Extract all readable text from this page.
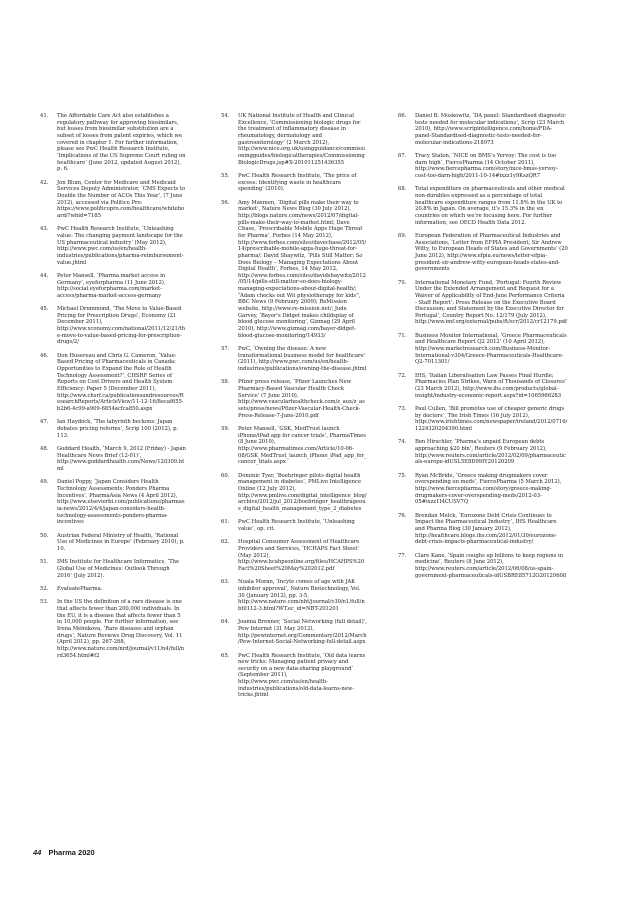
41.	The Affordable Care Act also establishes a regulatory pathway for approving biosimilars, but losses from biosimilar substitution are a subset of losses from patent expiries, which we covered in chapter 1. For further information, please see PwC Health Research Institute, ‘Implications of the US Supreme Court ruling on healthcare’ (June 2012, updated August 2012), p. 6.
42.	Jon Blum, Center for Medicare and Medicaid Services Deputy Administrator, ‘CMS Expects to Double the Number of ACOs This Year’, (7 June 2012), accessed via Politico Pro: https://www.politicopro.com/healthcare/whiteboard/?wbid=7185
43.	PwC Health Research Institute, ‘Unleashing value: The changing payment landscape for the US pharmaceutical industry’ (May 2012), http://www.pwc.com/us/en/health-industries/publications/pharma-reimbursement-value.jhtml
44.	Peter Mansell, ‘Pharma market access in Germany’, eyeforpharma (11 June 2012), http://social.eyeforpharma.com/market-access/pharma-market-access-germany
45.	Michael Drummond, ‘The Move to Value-Based Pricing for Prescription Drugs’, Economy (21 December 2011), http://www.xconomy.com/national/2011/12/21/the-move-to-value-based-pricing-for-prescription-drugs/2/
46.	Don Husereau and Chris G. Cameron, ‘Value-Based Pricing of Pharmaceuticals in Canada: Opportunities to Expand the Role of Health Technology Assessment?’, CHSRF Series of Reports on Cost Drivers and Health System Efficiency: Paper 5 (December 2011), http://www.chsrf.ca/publicationsandresources/ResearchReports/ArticleView/11-12-16/8ecaf655-b2b6-4c99-a909-6854acfca850.aspx
47.	Ian Haydock, ‘The labyrinth beckons: Japan debates pricing reforms’, Scrip 100 (2012), p. 113.
48.	Goddard Health, ‘March 9, 2012 (Friday) - Japan Healthcare News Brief (12-01)’, http://www.goddardhealth.com/News/120309.html
49.	Daniel Poppy, ‘Japan Considers Health Technology Assessments; Ponders Pharma Incentives’, PharmaAsia News (4 April 2012), http://www.elsevierbi.com/publications/pharmasia-news/2012/4/4/japan-considers-health-technology-assessments-ponders-pharma-incentives
50.	Austrian Federal Ministry of Health, ‘Rational Use of Medicines in Europe’ (February 2010), p. 10.
51.	IMS Institute for Healthcare Informatics, ‘The Global Use of Medicines: Outlook Through 2016’ (July 2012).
52.	EvaluatePharma.
53.	In the US the definition of a rare disease is one that affects fewer than 200,000 individuals. In the EU, it is a disease that affects fewer than 5 in 10,000 people. For further information, see Irena Melnikova, ‘Rare diseases and orphan drugs’, Nature Reviews Drug Discovery, Vol. 11 (April 2012), pp. 267-268, http://www.nature.com/nrd/journal/v11/n4/full/nrd3654.html#f2
54.	UK National Institute of Health and Clinical Excellence, ‘Commissioning biologic drugs for the treatment of inflammatory disease in rheumatology, dermatology and gastroenterology’ (2 March 2012), http://www.nice.org.uk/usingguidance/commissioningguides/biologicaltherapies/CommissioningBiologicDrugs.jsp#X-201011251436355
55.	PwC Health Research Institute, ‘The price of excess: Identifying waste in healthcare spending’ (2010).
56.	Amy Maxmen, ‘Digital pills make their way to market’, Nature News Blog (30 July 2012), http://blogs.nature.com/news/2012/07/digital-pills-make-their-way-to-market.html; Dave Chase, ‘Prescribable Mobile Apps Huge Threat for Pharma’, Forbes (14 May 2012), http://www.forbes.com/sites/davechase/2012/05/14/prescribable-mobile-apps-huge-threat-for-pharma/; David Shaywitz, ‘Pills Still Matter; So Does Biology – Managing Expectations About Digital Health’, Forbes, 14 May 2012, http://www.forbes.com/sites/davidshaywitz/2012/05/14/pills-still-matter-so-does-biology-managing-expectations-about-digital-health/; “Adam checks out Wii physiotherapy for kids”, BBC News (9 February 2009); ReMission website, http://www.re-mission.net/; Jude Garvey, ‘Bayer’s Didget makes childsplay of blood glucose monitoring’, Gizmag (29 April 2010), http://www.gizmag.com/bayer-didget-blood-glucose-monitoring/14933/
57.	PwC, ‘Owning the disease: A new transformational business model for healthcare’ (2011), http://www.pwc.com/us/en/health-industries/publications/owning-the-disease.jhtml
58.	Pfizer press release, ‘Pfizer Launches New Pharmacy-Based Vascular Health Check Service’ (7 June 2010), http://www.vascularhealthcheck.com/z_aux/z_assets/press/news/Pfizer-Vascular-Health-Check-Press-Release-7-June-2010.pdf
59.	Peter Mansell, ‘GSK, MedTrust launch iPhone/iPad app for cancer trials’, PharmaTimes (8 June 2010), http://www.pharmatimes.com/Article/10-06-08/GSK_MedTrust_launch_iPhone_iPad_app_for_cancer_trials.aspx
60.	Dominic Tyer, ‘Boehringer pilots digital health management in diabetes’, PMLive Intelligence Online (12 July 2012), http://www.pmlive.com/digital_intelligence_blog/archive/2012/jul_2012/boehringer_healthrageous_digital_health_management_type_2_diabetes
61.	PwC Health Research Institute, ‘Unleashing value’, op. cit.
62.	Hospital Consumer Assessment of Healthcare Providers and Services, ‘HCHAPS Fact Sheet’ (May 2012), http://www.hcahpsonline.org/files/HCAHPS%20Fact%20Sheet%20May%202012.pdf
63.	Nuala Moran, ‘Incyte comes of age with JAK inhibitor approval’, Nature Biotechnology, Vol. 30 (January 2012), pp. 3-5, http://www.nature.com/nbt/journal/v30/n1/full/nbt0112-3.html?WT.ec_id=NBT-201201
64.	Joanna Brenner, ‘Social Networking (full detail)’, Pew Internet (31 May 2012), http://pewinternet.org/Commentary/2012/March/Pew-Internet-Social-Networking-full-detail.aspx
65.	PwC Health Research Institute, ‘Old data learns new tricks: Managing patient privacy and security on a new data-sharing playground’ (September 2011), http://www.pwc.com/us/en/health-industries/publications/old-data-learns-new-tricks.jhtml
66.	Daniel B. Moskowitz, ‘DA panel: Standardised diagnostic tests needed for molecular indications’, Scrip (23 March 2010), http://www.scripintelligence.com/home/FDA-panel-Standardised-diagnostic-tests-needed-for-molecular-indications-218973
67.	Tracy Staton, ‘NICE on BMS’s Yervoy: The cost is too darn high’, FiercePharma (14 October 2011), http://www.fiercepharma.com/story/nice-bmss-yervoy-cost-too-darn-high/2011-10-14#ixzz1y9KszQR7
68.	Total expenditure on pharmaceuticals and other medical non-durables expressed as a percentage of total healthcare expenditure ranges from 11.8% in the UK to 20.8% in Japan. On average, it’s 15.3% in the six countries on which we’re focusing here. For further information, see OECD Health Data 2012.
69.	European Federation of Pharmaceutical Industries and Associations, ‘Letter from EFPIA President, Sir Andrew Witty, to European Heads of States and Governments’ (20 June 2012), http://www.efpia.eu/news/letter-efpia-president-sir-andrew-witty-european-heads-states-and-governments
70.	International Monetary Fund, ‘Portugal: Fourth Review Under the Extended Arrangement and Request for a Waiver of Applicability of End-June Performance Criteria - Staff Report’; Press Release on the Executive Board Discussion; and Statement by the Executive Director for Portugal’, Country Report No. 12/179 (July 2012), http://www.imf.org/external/pubs/ft/scr/2012/cr12179.pdf
71.	Business Monitor International, ‘Greece Pharmaceuticals and Healthcare Report Q2 2012’ (10 April 2012), http://www.marketresearch.com/Business-Monitor-International-v304/Greece-Pharmaceuticals-Healthcare-Q2-7011301/
72.	IHS, ‘Italian Liberalisation Law Passes Final Hurdle; Pharmacies Plan Strikes, Warn of Thousands of Closures’ (23 March 2012), http://www.ihs.com/products/global-insight/industry-economic-report.aspx?id=1065966283
73.	Paul Cullen, ‘Bill promotes use of cheaper generic drugs by doctors’, The Irish Times (16 July 2012), http://www.irishtimes.com/newspaper/ireland/2012/0716/1224320204390.html
74.	Ben Hirschler, ‘Pharma’s unpaid European debts approaching $20 bln’, Reuters (9 February 2012), http://www.reuters.com/article/2012/02/09/pharmaceuticals-europe-idUSL5E8D99IY20120209
75.	Ryan McBride, ‘Greece making drugmakers cover overspending on meds’, FiercePharma (5 March 2012), http://www.fiercepharma.com/story/greece-making-drugmakers-cover-overspending-meds/2012-03-05#ixzz1I4CUSV7Q
76.	Brendan Melck, ‘Eurozone Debt Crisis Continues to Impact the Pharmaceutical Industry’, IHS Healthcare and Pharma Blog (30 January 2012), http://healthcare.blogs.ihs.com/2012/01/30/eurozone-debt-crisis-impacts-pharmaceutical-industry/
77.	Clare Kane, ‘Spain coughs up billions to keep regions in medicine’, Reuters (8 June 2012), http://www.reuters.com/article/2012/06/08/us-spain-government-pharmaceuticals-idUSBRE85712O20120608
44 Pharma 2020
